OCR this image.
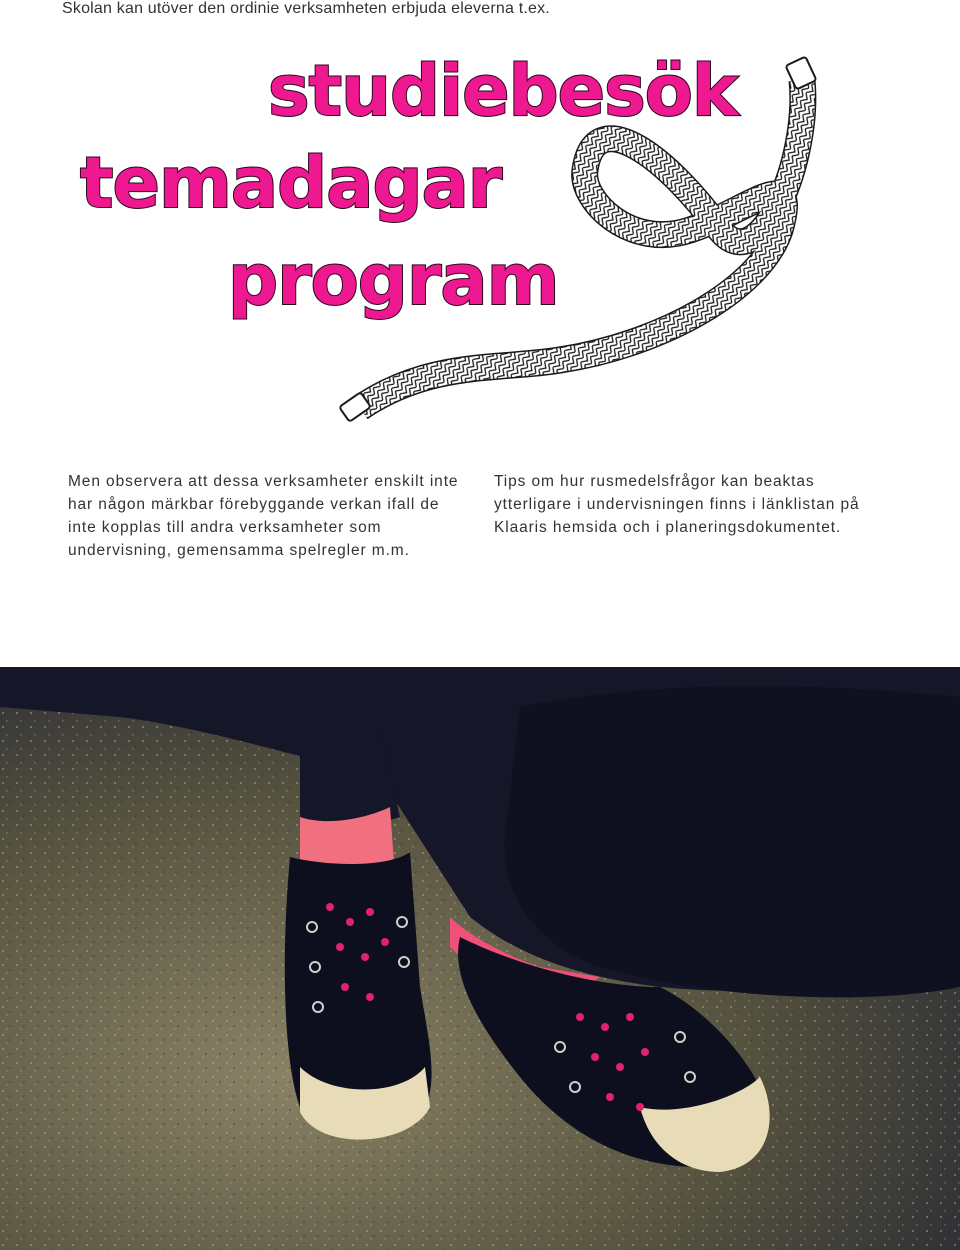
Skolan kan utöver den ordinie verksamheten erbjuda eleverna t.ex.
studiebesök
temadagar
program
Men observera att dessa verksamheter enskilt inte har någon märkbar förebyggande verkan ifall de inte kopplas till andra verksamheter som undervisning, gemensamma spelregler m.m.
Tips om hur rusmedelsfrågor kan beaktas ytterligare i undervisningen finns i länklistan på Klaaris hemsida och i planeringsdokumentet.
